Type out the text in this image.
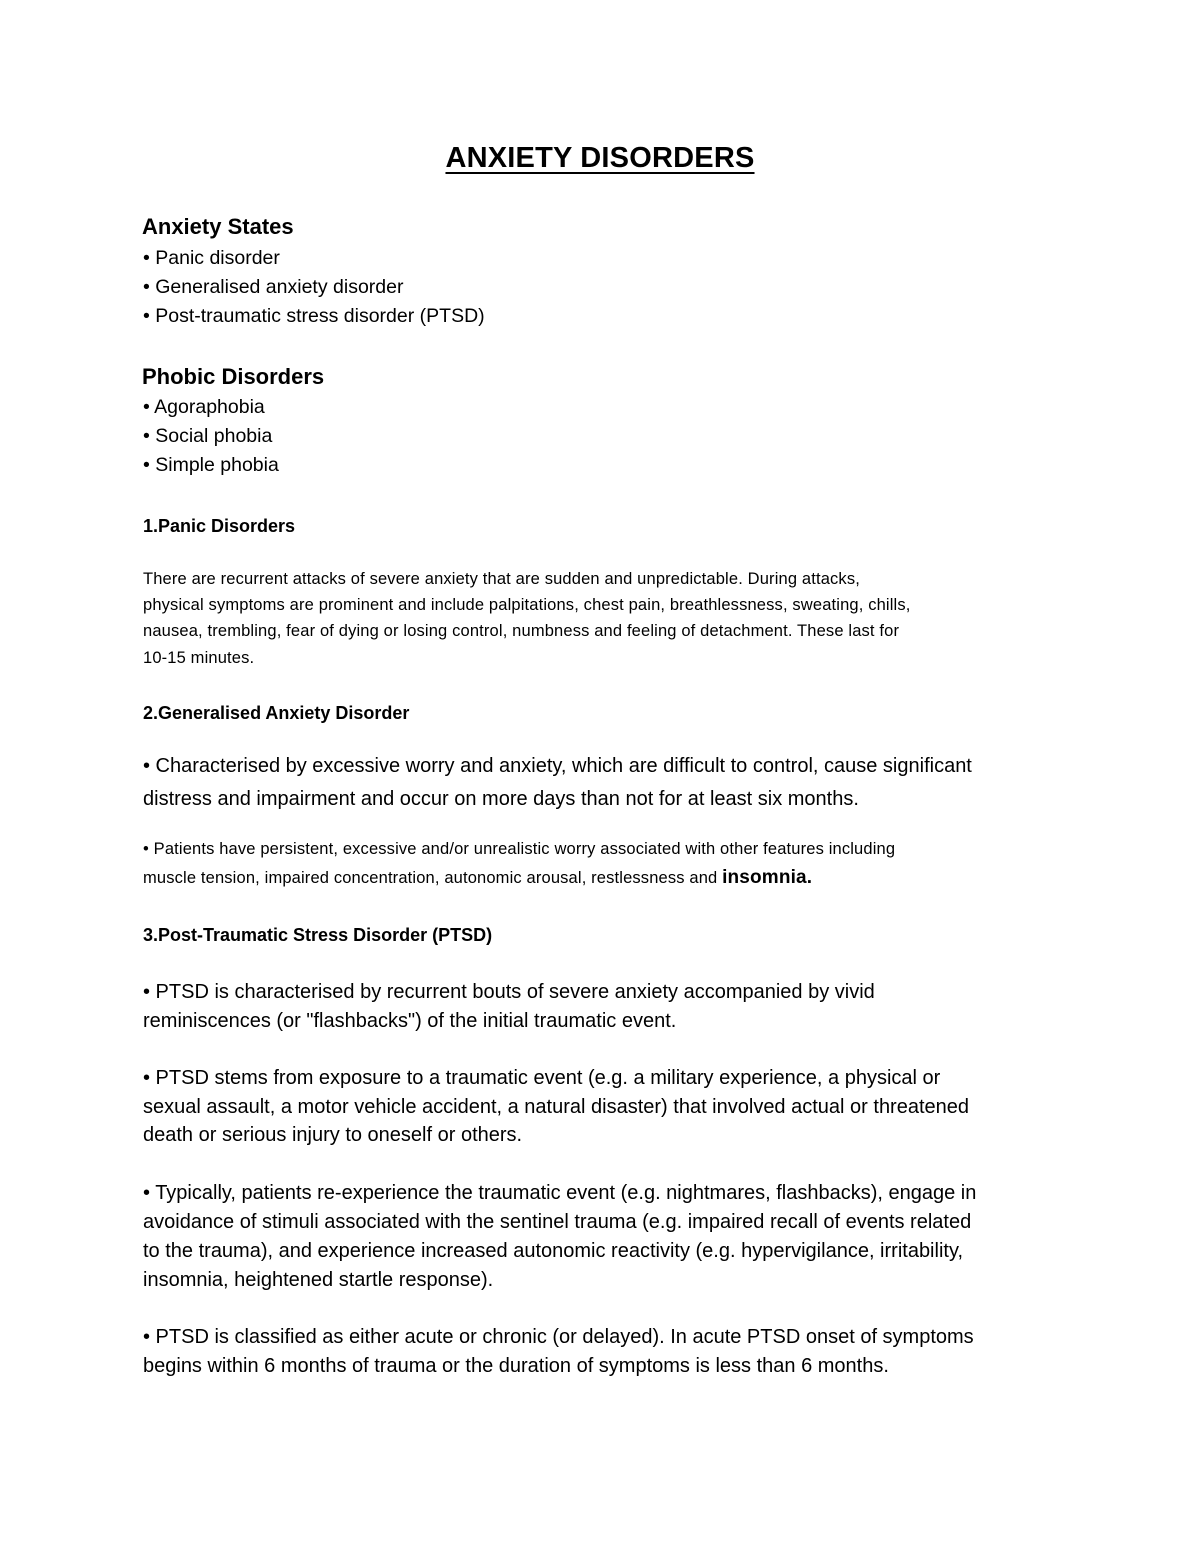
ANXIETY DISORDERS
Anxiety States
• Panic disorder
• Generalised anxiety disorder
• Post-traumatic stress disorder (PTSD)
Phobic Disorders
• Agoraphobia
• Social phobia
• Simple phobia
1.Panic Disorders
There are recurrent attacks of severe anxiety that are sudden and unpredictable. During attacks,
physical symptoms are prominent and include palpitations, chest pain, breathlessness, sweating, chills,
nausea, trembling, fear of dying or losing control, numbness and feeling of detachment. These last for
10-15 minutes.
2.Generalised Anxiety Disorder
• Characterised by excessive worry and anxiety, which are difficult to control, cause significant
distress and impairment and occur on more days than not for at least six months.
• Patients have persistent, excessive and/or unrealistic worry associated with other features including
muscle tension, impaired concentration, autonomic arousal, restlessness and insomnia.
3.Post-Traumatic Stress Disorder (PTSD)
• PTSD is characterised by recurrent bouts of severe anxiety accompanied by vivid
reminiscences (or "flashbacks") of the initial traumatic event.
• PTSD stems from exposure to a traumatic event (e.g. a military experience, a physical or
sexual assault, a motor vehicle accident, a natural disaster) that involved actual or threatened
death or serious injury to oneself or others.
• Typically, patients re-experience the traumatic event (e.g. nightmares, flashbacks), engage in
avoidance of stimuli associated with the sentinel trauma (e.g. impaired recall of events related
to the trauma), and experience increased autonomic reactivity (e.g. hypervigilance, irritability,
insomnia, heightened startle response).
• PTSD is classified as either acute or chronic (or delayed). In acute PTSD onset of symptoms
begins within 6 months of trauma or the duration of symptoms is less than 6 months.
